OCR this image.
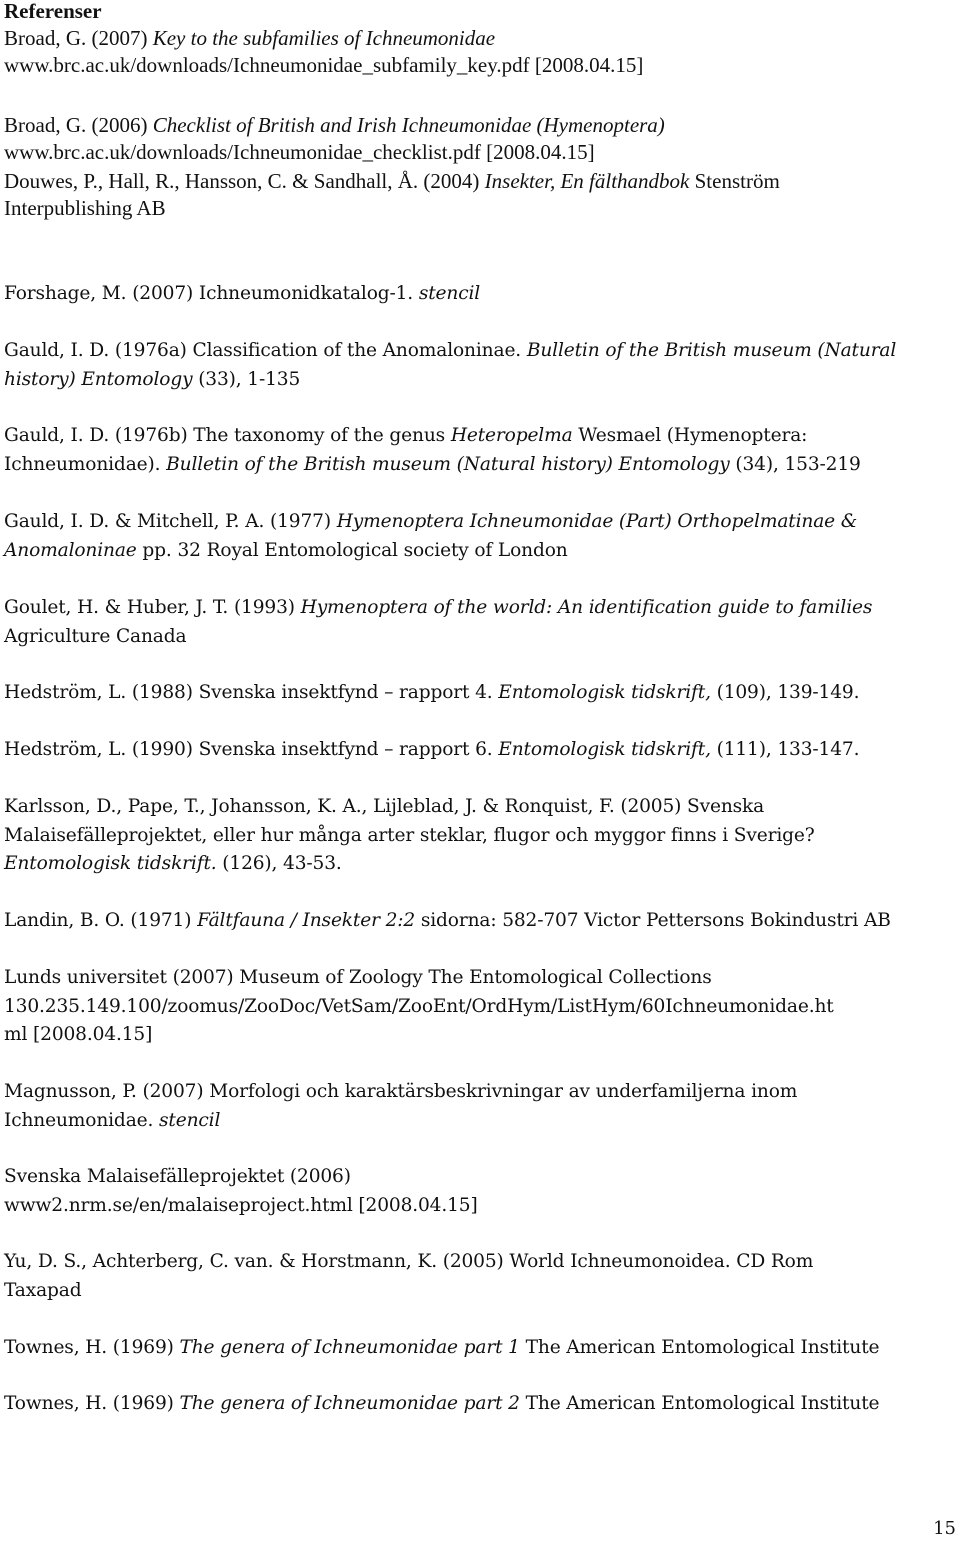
Referenser
Broad, G. (2007) Key to the subfamilies of Ichneumonidae
www.brc.ac.uk/downloads/Ichneumonidae_subfamily_key.pdf [2008.04.15]
Broad, G. (2006) Checklist of British and Irish Ichneumonidae (Hymenoptera)
www.brc.ac.uk/downloads/Ichneumonidae_checklist.pdf [2008.04.15]
Douwes, P., Hall, R., Hansson, C. & Sandhall, Å. (2004) Insekter, En fälthandbok Stenström
Interpublishing AB
Forshage, M. (2007) Ichneumonidkatalog-1. stencil
Gauld, I. D. (1976a) Classification of the Anomaloninae. Bulletin of the British museum (Natural
history) Entomology (33), 1-135
Gauld, I. D. (1976b) The taxonomy of the genus Heteropelma Wesmael (Hymenoptera:
Ichneumonidae). Bulletin of the British museum (Natural history) Entomology (34), 153-219
Gauld, I. D. & Mitchell, P. A. (1977) Hymenoptera Ichneumonidae (Part) Orthopelmatinae &
Anomaloninae pp. 32 Royal Entomological society of London
Goulet, H. & Huber, J. T. (1993) Hymenoptera of the world: An identification guide to families
Agriculture Canada
Hedström, L. (1988) Svenska insektfynd – rapport 4. Entomologisk tidskrift, (109), 139-149.
Hedström, L. (1990) Svenska insektfynd – rapport 6. Entomologisk tidskrift, (111), 133-147.
Karlsson, D., Pape, T., Johansson, K. A., Lijleblad, J. & Ronquist, F. (2005) Svenska
Malaisefälleprojektet, eller hur många arter steklar, flugor och myggor finns i Sverige?
Entomologisk tidskrift. (126), 43-53.
Landin, B. O. (1971) Fältfauna / Insekter 2:2 sidorna: 582-707 Victor Pettersons Bokindustri AB
Lunds universitet (2007) Museum of Zoology The Entomological Collections
130.235.149.100/zoomus/ZooDoc/VetSam/ZooEnt/OrdHym/ListHym/60Ichneumonidae.ht
ml [2008.04.15]
Magnusson, P. (2007) Morfologi och karaktärsbeskrivningar av underfamiljerna inom
Ichneumonidae. stencil
Svenska Malaisefälleprojektet (2006)
www2.nrm.se/en/malaiseproject.html [2008.04.15]
Yu, D. S., Achterberg, C. van. & Horstmann, K. (2005) World Ichneumonoidea. CD Rom
Taxapad
Townes, H. (1969) The genera of Ichneumonidae part 1 The American Entomological Institute
Townes, H. (1969) The genera of Ichneumonidae part 2 The American Entomological Institute
15
